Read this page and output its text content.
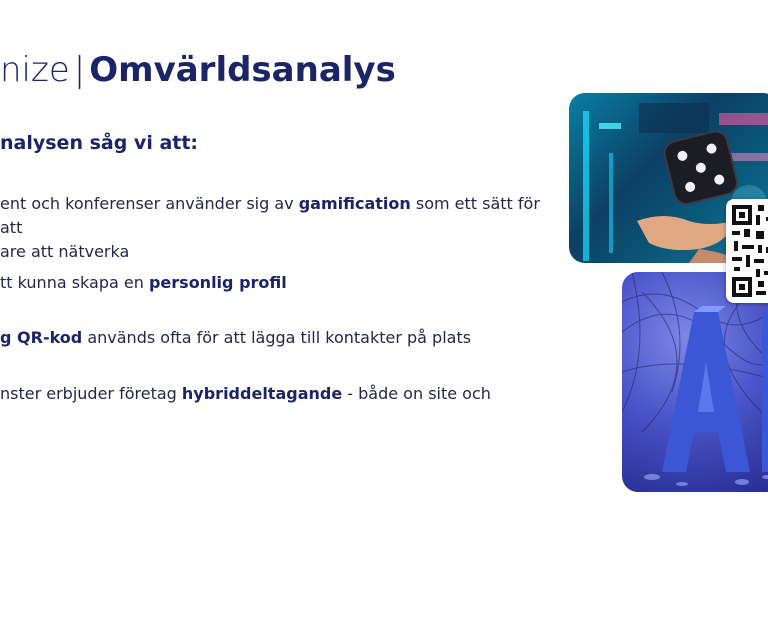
nize | Omvärldsanalys
nalysen såg vi att:
ent och konferenser använder sig av gamification som ett sätt för att
are att nätverka
tt kunna skapa en personlig profil
g QR-kod används ofta för att lägga till kontakter på plats
nster erbjuder företag hybriddeltagande - både on site och
